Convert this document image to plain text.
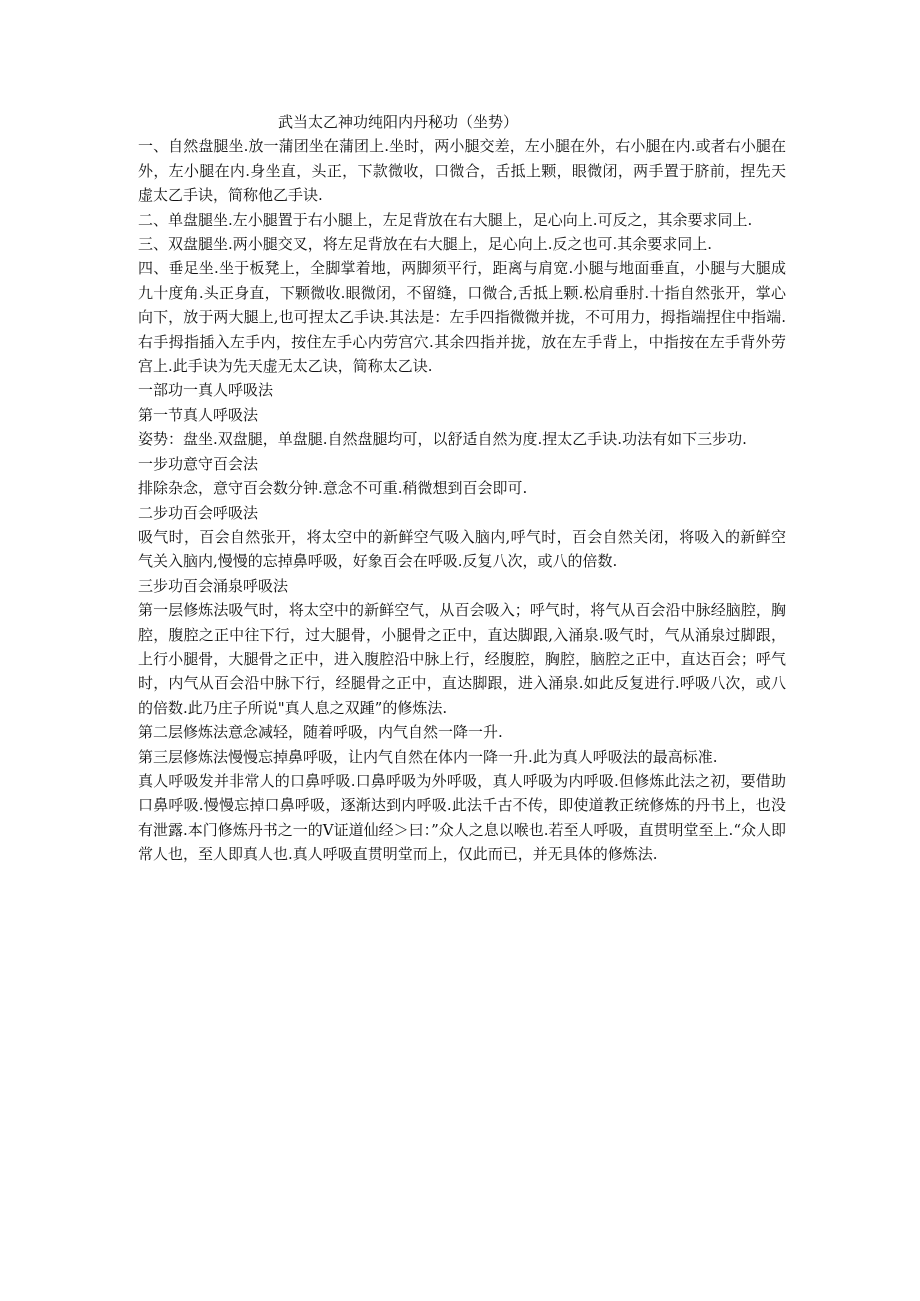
武当太乙神功纯阳内丹秘功（坐势）

一、自然盘腿坐.放一蒲团坐在蒲团上.坐时，两小腿交差，左小腿在外，右小腿在内.或者右小腿在外，左小腿在内.身坐直，头正，下款微收，口微合，舌抵上颗，眼微闭，两手置于脐前，捏先天虚太乙手诀，简称他乙手诀.

二、单盘腿坐.左小腿置于右小腿上，左足背放在右大腿上，足心向上.可反之，其余要求同上.

三、双盘腿坐.两小腿交叉，将左足背放在右大腿上，足心向上.反之也可.其余要求同上.

四、垂足坐.坐于板凳上，全脚掌着地，两脚须平行，距离与肩宽.小腿与地面垂直，小腿与大腿成九十度角.头正身直，下颗微收.眼微闭，不留缝，口微合,舌抵上颗.松肩垂肘.十指自然张开，掌心向下，放于两大腿上,也可捏太乙手诀.其法是：左手四指微微并拢，不可用力，拇指端捏住中指端.右手拇指插入左手内，按住左手心内劳宫穴.其余四指并拢，放在左手背上，中指按在左手背外劳宫上.此手诀为先天虚无太乙诀，简称太乙诀.

一部功一真人呼吸法

第一节真人呼吸法

姿势：盘坐.双盘腿，单盘腿.自然盘腿均可，以舒适自然为度.捏太乙手诀.功法有如下三步功.

一步功意守百会法

排除杂念，意守百会数分钟.意念不可重.稍微想到百会即可.

二步功百会呼吸法

吸气时，百会自然张开，将太空中的新鲜空气吸入脑内,呼气时，百会自然关闭，将吸入的新鲜空气关入脑内,慢慢的忘掉鼻呼吸，好象百会在呼吸.反复八次，或八的倍数.

三步功百会涌泉呼吸法

第一层修炼法吸气时，将太空中的新鲜空气，从百会吸入；呼气时，将气从百会沿中脉经脑腔，胸腔，腹腔之正中往下行，过大腿骨，小腿骨之正中，直达脚跟,入涌泉.吸气时，气从涌泉过脚跟，上行小腿骨，大腿骨之正中，进入腹腔沿中脉上行，经腹腔，胸腔，脑腔之正中，直达百会；呼气时，内气从百会沿中脉下行，经腿骨之正中，直达脚跟，进入涌泉.如此反复进行.呼吸八次，或八的倍数.此乃庄子所说"真人息之双踵”的修炼法.

第二层修炼法意念减轻，随着呼吸，内气自然一降一升.

第三层修炼法慢慢忘掉鼻呼吸，让内气自然在体内一降一升.此为真人呼吸法的最高标准.

真人呼吸发并非常人的口鼻呼吸.口鼻呼吸为外呼吸，真人呼吸为内呼吸.但修炼此法之初，要借助口鼻呼吸.慢慢忘掉口鼻呼吸，逐渐达到内呼吸.此法千古不传，即使道教正统修炼的丹书上，也没有泄露.本门修炼丹书之一的Ⅴ证道仙经＞曰：”众人之息以喉也.若至人呼吸，直贯明堂至上.“众人即常人也，至人即真人也.真人呼吸直贯明堂而上，仅此而已，并无具体的修炼法.
